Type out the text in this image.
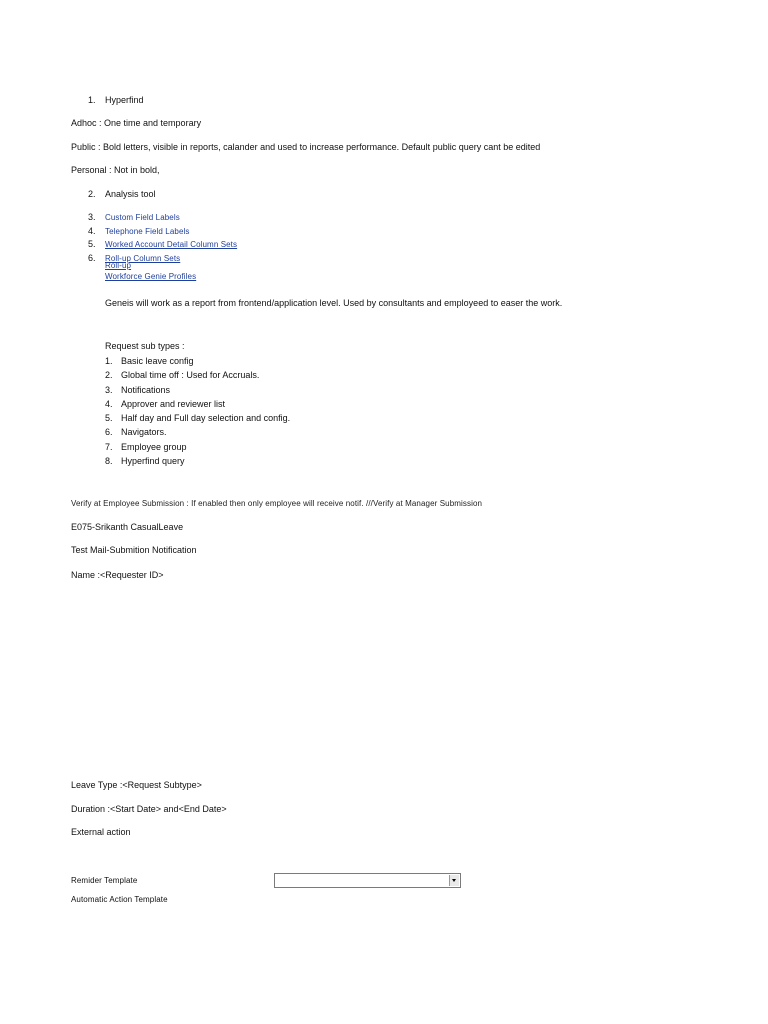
1. Hyperfind
Adhoc : One time and temporary
Public : Bold letters, visible in reports, calander and used to increase performance. Default public query cant be edited
Personal : Not in bold,
2. Analysis tool
3. Custom Field Labels
4. Telephone Field Labels
5. Worked Account Detail Column Sets
6. Roll-up Column Sets
Roll-up
Workforce Genie Profiles
Geneis will work as a report from frontend/application level. Used by consultants and employeed to easer the work.
Request sub types :
1. Basic leave config
2. Global time off : Used for Accruals.
3. Notifications
4. Approver and reviewer list
5. Half day and Full day selection and config.
6. Navigators.
7. Employee group
8. Hyperfind query
Verify at Employee Submission : If enabled then only employee will receive notif. ///Verify at Manager Submission
E075-Srikanth CasualLeave
Test Mail-Submition Notification
Name :<Requester ID>
Leave Type :<Request Subtype>
Duration :<Start Date> and<End Date>
External action
Remider Template
Automatic Action Template
